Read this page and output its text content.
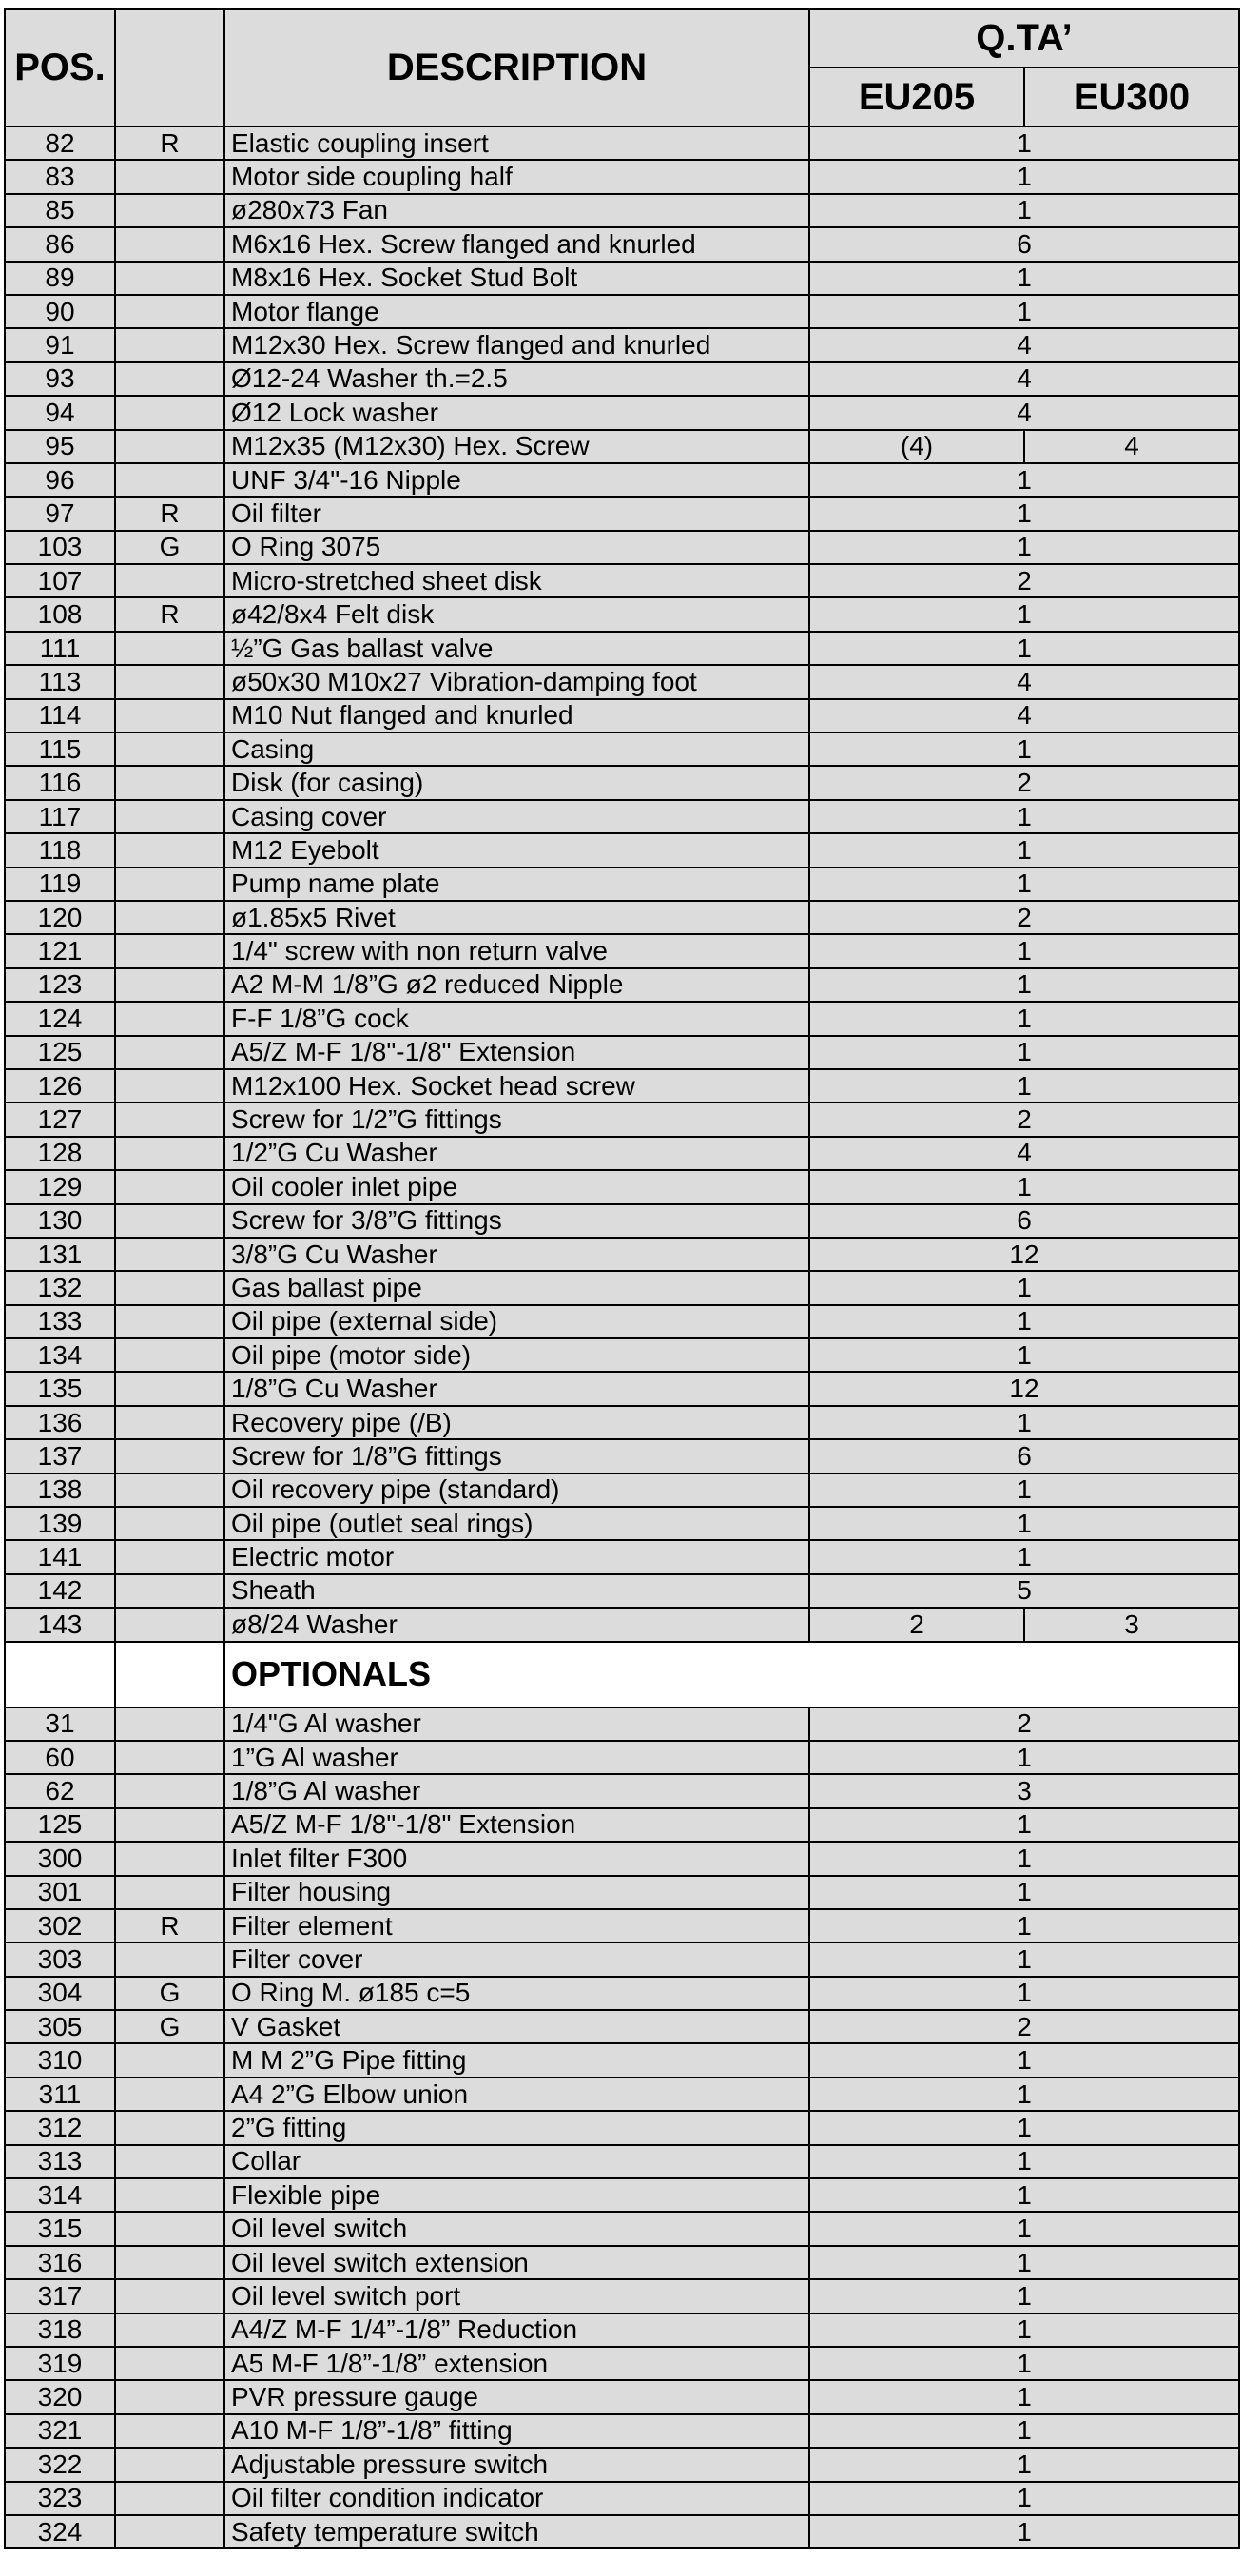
POS.		DESCRIPTION	Q.TA’	
			EU205	EU300
82	R	Elastic coupling insert	1	
83		Motor side coupling half	1	
85		ø280x73 Fan	1	
86		M6x16 Hex. Screw flanged and knurled	6	
89		M8x16 Hex. Socket Stud Bolt	1	
90		Motor flange	1	
91		M12x30 Hex. Screw flanged and knurled	4	
93		Ø12-24 Washer th.=2.5	4	
94		Ø12 Lock washer	4	
95		M12x35 (M12x30) Hex. Screw	(4)	4
96		UNF 3/4"-16 Nipple	1	
97	R	Oil filter	1	
103	G	O Ring 3075	1	
107		Micro-stretched sheet disk	2	
108	R	ø42/8x4 Felt disk	1	
111		½”G Gas ballast valve	1	
113		ø50x30 M10x27 Vibration-damping foot	4	
114		M10 Nut flanged and knurled	4	
115		Casing	1	
116		Disk (for casing)	2	
117		Casing cover	1	
118		M12 Eyebolt	1	
119		Pump name plate	1	
120		ø1.85x5 Rivet	2	
121		1/4" screw with non return valve	1	
123		A2 M-M 1/8”G ø2 reduced Nipple	1	
124		F-F 1/8”G cock	1	
125		A5/Z M-F 1/8"-1/8" Extension	1	
126		M12x100 Hex. Socket head screw	1	
127		Screw for 1/2”G fittings	2	
128		1/2”G Cu Washer	4	
129		Oil cooler inlet pipe	1	
130		Screw for 3/8”G fittings	6	
131		3/8”G Cu Washer	12	
132		Gas ballast pipe	1	
133		Oil pipe (external side)	1	
134		Oil pipe (motor side)	1	
135		1/8”G Cu Washer	12	
136		Recovery pipe (/B)	1	
137		Screw for 1/8”G fittings	6	
138		Oil recovery pipe (standard)	1	
139		Oil pipe (outlet seal rings)	1	
141		Electric motor	1	
142		Sheath	5	
143		ø8/24 Washer	2	3
		OPTIONALS		
31		1/4"G Al washer	2	
60		1”G Al washer	1	
62		1/8”G Al washer	3	
125		A5/Z M-F 1/8"-1/8" Extension	1	
300		Inlet filter F300	1	
301		Filter housing	1	
302	R	Filter element	1	
303		Filter cover	1	
304	G	O Ring M. ø185 c=5	1	
305	G	V Gasket	2	
310		M M 2”G Pipe fitting	1	
311		A4 2”G Elbow union	1	
312		2”G fitting	1	
313		Collar	1	
314		Flexible pipe	1	
315		Oil level switch	1	
316		Oil level switch extension	1	
317		Oil level switch port	1	
318		A4/Z M-F 1/4”-1/8” Reduction	1	
319		A5 M-F 1/8”-1/8” extension	1	
320		PVR pressure gauge	1	
321		A10 M-F 1/8”-1/8” fitting	1	
322		Adjustable pressure switch	1	
323		Oil filter condition indicator	1	
324		Safety temperature switch	1	
